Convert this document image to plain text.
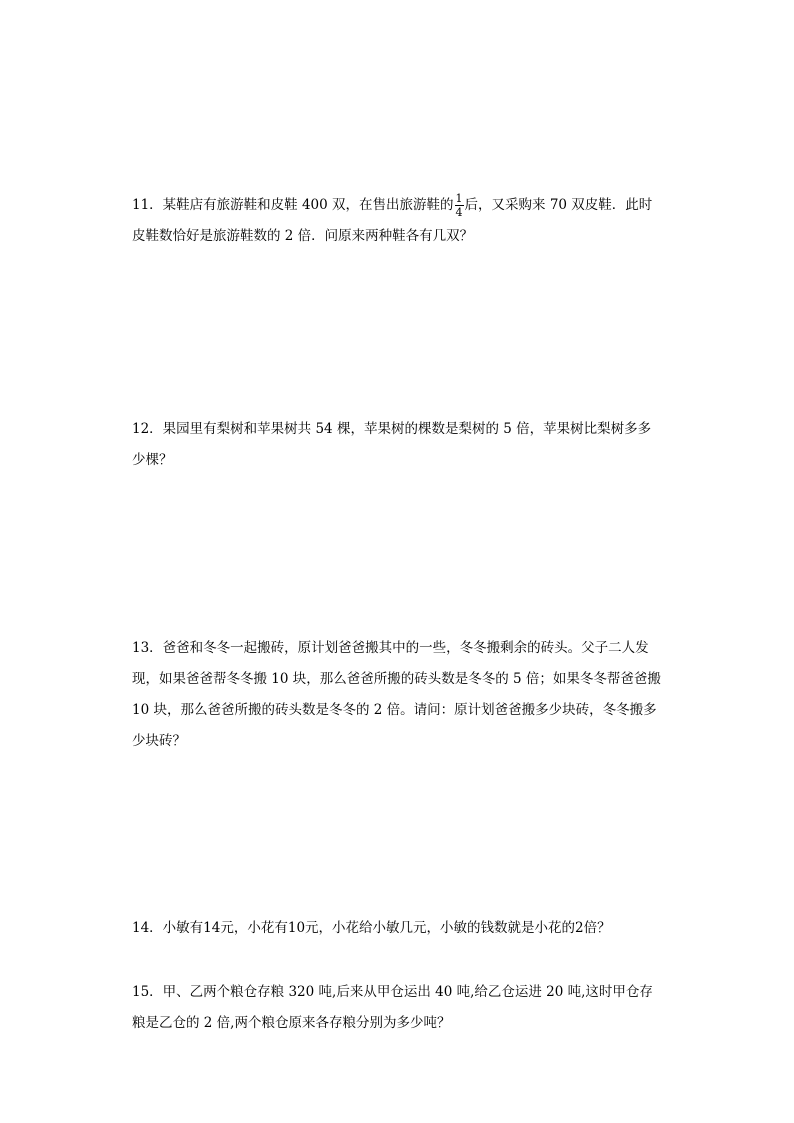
11．某鞋店有旅游鞋和皮鞋 400 双，在售出旅游鞋的 $\frac{1}{4}$ 后，又采购来 70 双皮鞋．此时皮鞋数恰好是旅游鞋数的 2 倍．问原来两种鞋各有几双？
12．果园里有梨树和苹果树共 54 棵，苹果树的棵数是梨树的 5 倍，苹果树比梨树多多少棵？
13．爸爸和冬冬一起搬砖，原计划爸爸搬其中的一些，冬冬搬剩余的砖头。父子二人发现，如果爸爸帮冬冬搬 10 块，那么爸爸所搬的砖头数是冬冬的 5 倍；如果冬冬帮爸爸搬 10 块，那么爸爸所搬的砖头数是冬冬的 2 倍。请问：原计划爸爸搬多少块砖，冬冬搬多少块砖？
14．小敏有14元，小花有10元，小花给小敏几元，小敏的钱数就是小花的2倍？
15．甲、乙两个粮仓存粮 320 吨,后来从甲仓运出 40 吨,给乙仓运进 20 吨,这时甲仓存粮是乙仓的 2 倍,两个粮仓原来各存粮分别为多少吨？
